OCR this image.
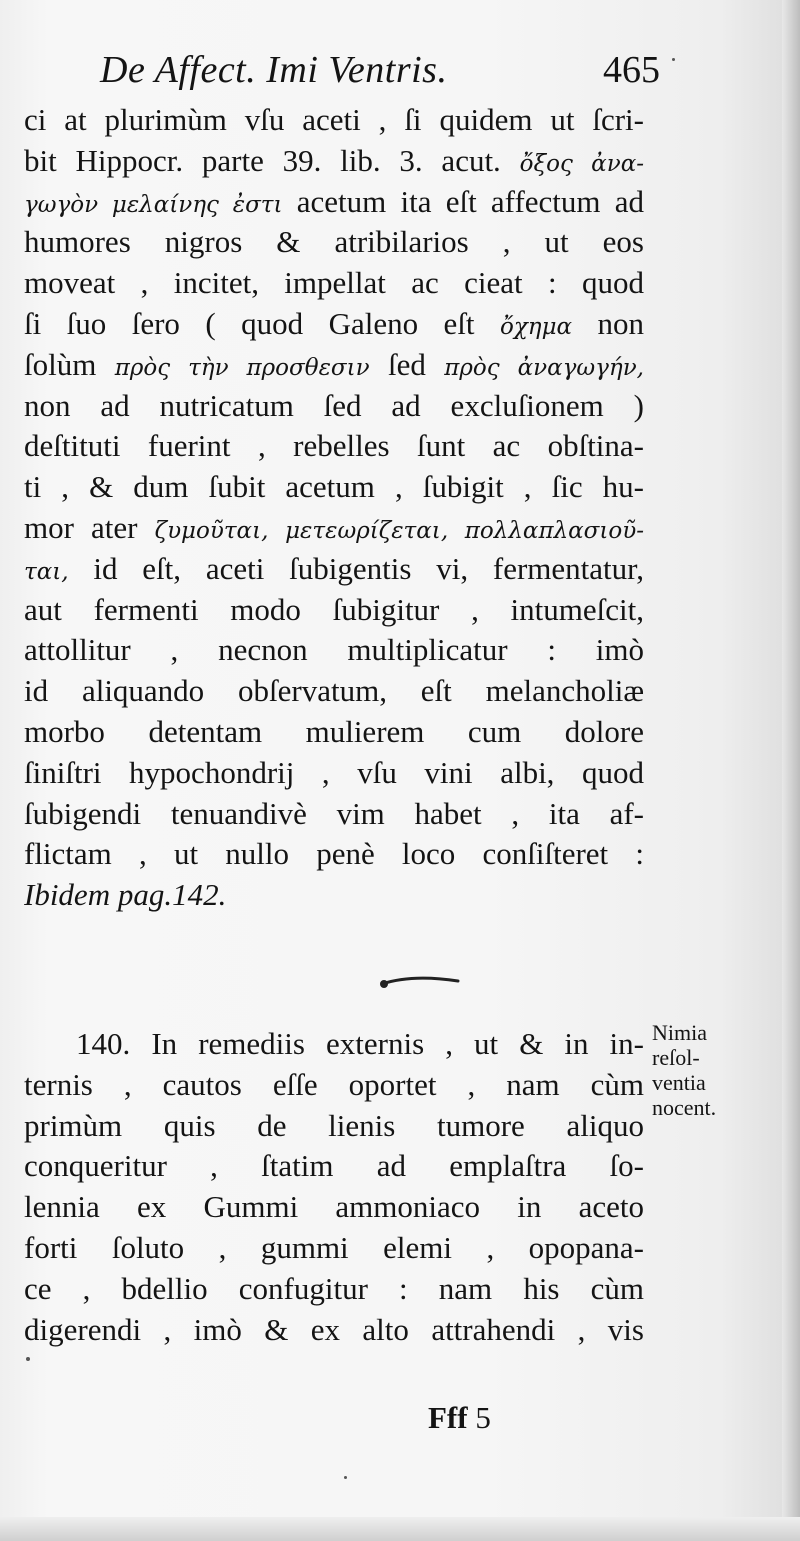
De Affect. Imi Ventris.	465
ci at plurimùm vſu aceti , ſi quidem ut ſcri-
bit Hippocr. parte 39. lib. 3. acut. ὄξος ἀνα-
γωγὸν μελαίνης ἐστι acetum ita eſt affectum ad
humores nigros & atribilarios , ut eos
moveat , incitet, impellat ac cieat : quod
ſi ſuo ſero ( quod Galeno eſt ὄχημα non
ſolùm πρὸς τὴν προσθεσιν ſed πρὸς ἀναγωγήν,
non ad nutricatum ſed ad excluſionem )
deſtituti fuerint , rebelles ſunt ac obſtina-
ti , & dum ſubit acetum , ſubigit , ſic hu-
mor ater ζυμοῦται, μετεωρίζεται, πολλαπλασιοῦ-
ται, id eſt, aceti ſubigentis vi, fermentatur,
aut fermenti modo ſubigitur , intumeſcit,
attollitur , necnon multiplicatur : imò
id aliquando obſervatum, eſt melancholiæ
morbo detentam mulierem cum dolore
ſiniſtri hypochondrij , vſu vini albi, quod
ſubigendi tenuandivè vim habet , ita af-
flictam , ut nullo penè loco conſiſteret :
Ibidem pag.142.
140. In remediis externis , ut & in in-
ternis , cautos eſſe oportet , nam cùm
primùm quis de lienis tumore aliquo
conqueritur , ſtatim ad emplaſtra ſo-
lennia ex Gummi ammoniaco in aceto
forti ſoluto , gummi elemi , opopana-
ce , bdellio confugitur : nam his cùm
digerendi , imò & ex alto attrahendi , vis
Nimia
reſol-
ventia
nocent.
Fff 5
